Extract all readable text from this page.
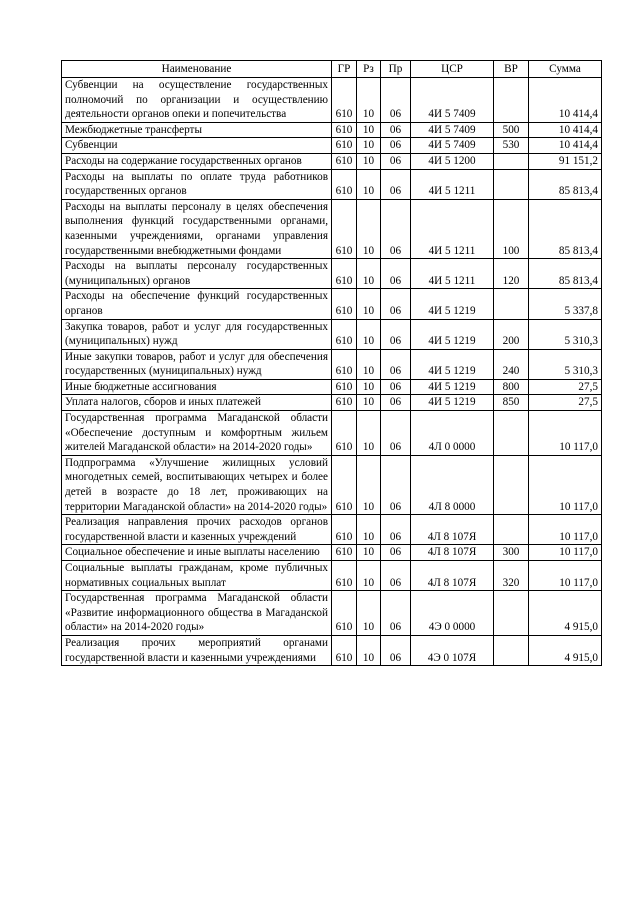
Наименование	ГР	Рз	Пр	ЦСР	ВР	Сумма
Субвенции на осуществление государственных полномочий по организации и осуществлению деятельности органов опеки и попечительства	610	10	06	4И 5 7409		10 414,4
Межбюджетные трансферты	610	10	06	4И 5 7409	500	10 414,4
Субвенции	610	10	06	4И 5 7409	530	10 414,4
Расходы на содержание государственных органов	610	10	06	4И 5 1200		91 151,2
Расходы на выплаты по оплате труда работников государственных органов	610	10	06	4И 5 1211		85 813,4
Расходы на выплаты персоналу в целях обеспечения выполнения функций государственными органами, казенными учреждениями, органами управления государственными внебюджетными фондами	610	10	06	4И 5 1211	100	85 813,4
Расходы на выплаты персоналу государственных (муниципальных) органов	610	10	06	4И 5 1211	120	85 813,4
Расходы на обеспечение функций государственных органов	610	10	06	4И 5 1219		5 337,8
Закупка товаров, работ и услуг для государственных (муниципальных) нужд	610	10	06	4И 5 1219	200	5 310,3
Иные закупки товаров, работ и услуг для обеспечения государственных (муниципальных) нужд	610	10	06	4И 5 1219	240	5 310,3
Иные бюджетные ассигнования	610	10	06	4И 5 1219	800	27,5
Уплата налогов, сборов и иных платежей	610	10	06	4И 5 1219	850	27,5
Государственная программа Магаданской области «Обеспечение доступным и комфортным жильем жителей Магаданской области» на 2014-2020 годы»	610	10	06	4Л 0 0000		10 117,0
Подпрограмма «Улучшение жилищных условий многодетных семей, воспитывающих четырех и более детей в возрасте до 18 лет, проживающих на территории Магаданской области» на 2014-2020 годы»	610	10	06	4Л 8 0000		10 117,0
Реализация направления прочих расходов органов государственной власти и казенных учреждений	610	10	06	4Л 8 107Я		10 117,0
Социальное обеспечение и иные выплаты населению	610	10	06	4Л 8 107Я	300	10 117,0
Социальные выплаты гражданам, кроме публичных нормативных социальных выплат	610	10	06	4Л 8 107Я	320	10 117,0
Государственная программа Магаданской области «Развитие информационного общества в Магаданской области» на 2014-2020 годы»	610	10	06	4Э 0 0000		4 915,0
Реализация прочих мероприятий органами государственной власти и казенными учреждениями	610	10	06	4Э 0 107Я		4 915,0
